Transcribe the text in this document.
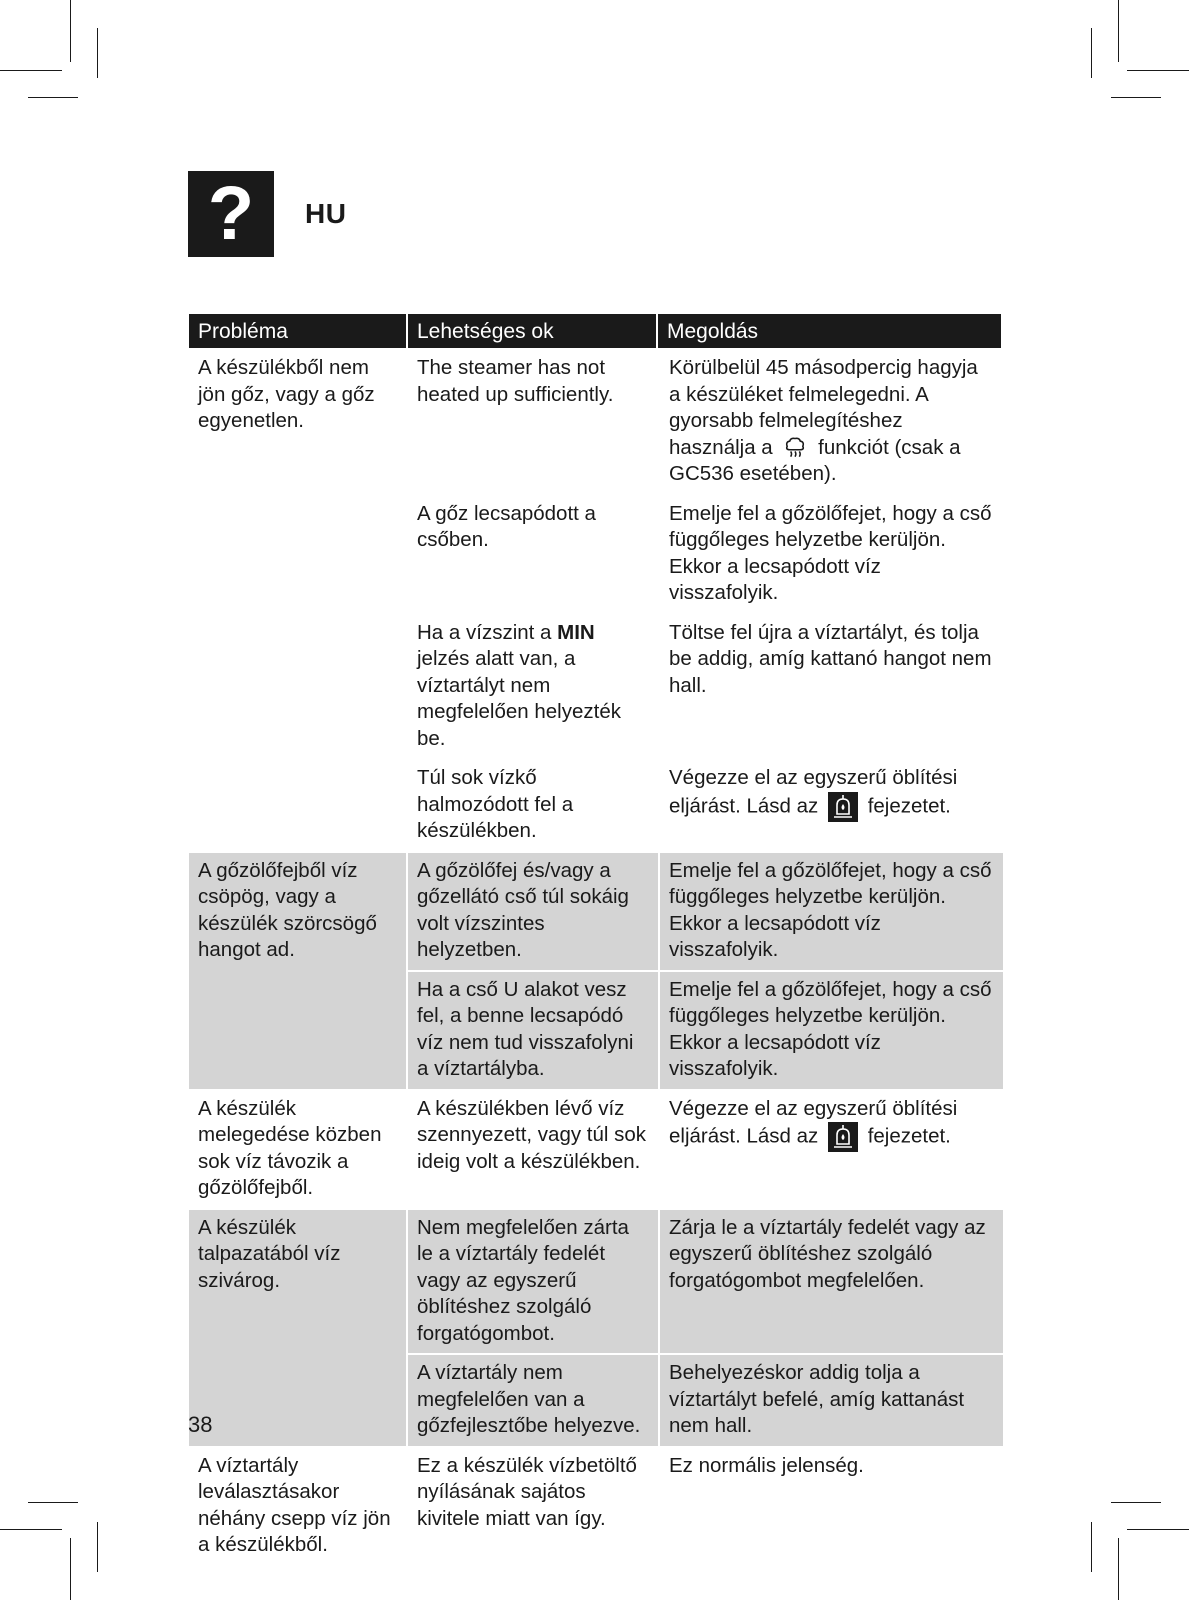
? HU
Probléma	Lehetséges ok	Megoldás
A készülékből nem jön gőz, vagy a gőz egyenetlen.
The steamer has not heated up sufficiently.
Körülbelül 45 másodpercig hagyja a készüléket felmelegedni. A gyorsabb felmelegítéshez használja a funkciót (csak a GC536 esetében).
A gőz lecsapódott a csőben.
Emelje fel a gőzölőfejet, hogy a cső függőleges helyzetbe kerüljön. Ekkor a lecsapódott víz visszafolyik.
Ha a vízszint a MIN jelzés alatt van, a víztartályt nem megfelelően helyezték be.
Töltse fel újra a víztartályt, és tolja be addig, amíg kattanó hangot nem hall.
Túl sok vízkő halmozódott fel a készülékben.
Végezze el az egyszerű öblítési eljárást. Lásd az fejezetet.
A gőzölőfejből víz csöpög, vagy a készülék szörcsögő hangot ad.
A gőzölőfej és/vagy a gőzellátó cső túl sokáig volt vízszintes helyzetben.
Emelje fel a gőzölőfejet, hogy a cső függőleges helyzetbe kerüljön. Ekkor a lecsapódott víz visszafolyik.
Ha a cső U alakot vesz fel, a benne lecsapódó víz nem tud visszafolyni a víztartályba.
Emelje fel a gőzölőfejet, hogy a cső függőleges helyzetbe kerüljön. Ekkor a lecsapódott víz visszafolyik.
A készülék melegedése közben sok víz távozik a gőzölőfejből.
A készülékben lévő víz szennyezett, vagy túl sok ideig volt a készülékben.
Végezze el az egyszerű öblítési eljárást. Lásd az fejezetet.
A készülék talpazatából víz szivárog.
Nem megfelelően zárta le a víztartály fedelét vagy az egyszerű öblítéshez szolgáló forgatógombot.
Zárja le a víztartály fedelét vagy az egyszerű öblítéshez szolgáló forgatógombot megfelelően.
A víztartály nem megfelelően van a gőzfejlesztőbe helyezve.
Behelyezéskor addig tolja a víztartályt befelé, amíg kattanást nem hall.
A víztartály leválasztásakor néhány csepp víz jön a készülékből.
Ez a készülék vízbetöltő nyílásának sajátos kivitele miatt van így.
Ez normális jelenség.
38
